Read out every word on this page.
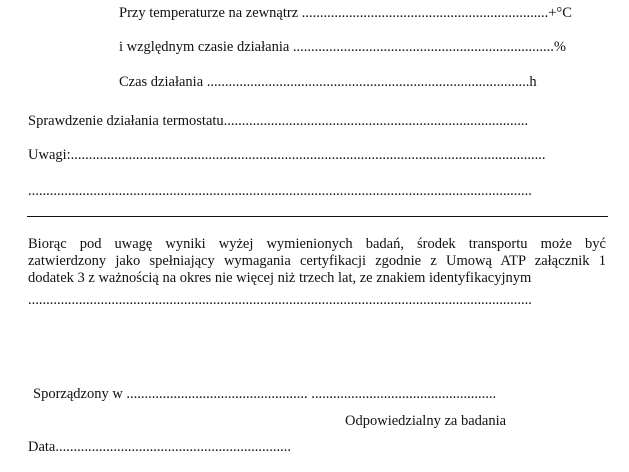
Przy temperaturze na zewnątrz ....................................................................+°C
i względnym czasie działania ........................................................................%
Czas działania .........................................................................................h
Sprawdzenie działania termostatu....................................................................................
Uwagi:...................................................................................................................................
...........................................................................................................................................
Biorąc pod uwagę wyniki wyżej wymienionych badań, środek transportu może być
zatwierdzony jako spełniający wymagania certyfikacji zgodnie z Umową ATP załącznik 1
dodatek 3 z ważnością na okres nie więcej niż trzech lat, ze znakiem identyfikacyjnym
...........................................................................................................................................
Sporządzony w .................................................. ...................................................
Odpowiedzialny za badania
Data.................................................................
